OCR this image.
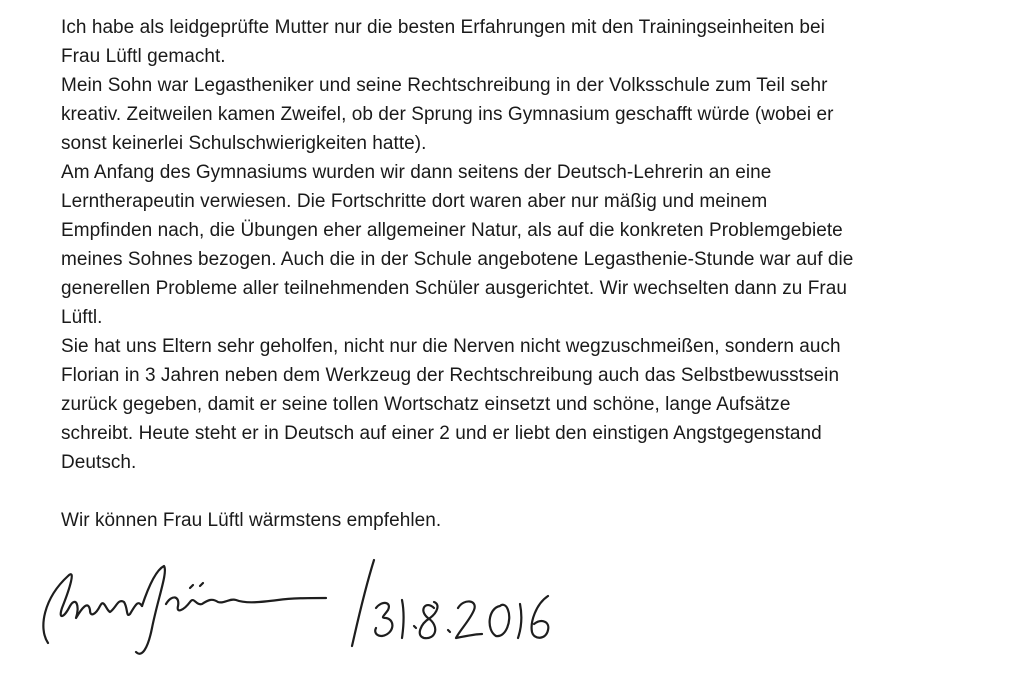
Ich habe als leidgeprüfte Mutter nur die besten Erfahrungen mit den Trainingseinheiten bei
Frau Lüftl gemacht.

Mein Sohn war Legastheniker und seine Rechtschreibung in der Volksschule zum Teil sehr
kreativ. Zeitweilen kamen Zweifel, ob der Sprung ins Gymnasium geschafft würde (wobei er
sonst keinerlei Schulschwierigkeiten hatte).

Am Anfang des Gymnasiums wurden wir dann seitens der Deutsch-Lehrerin an eine
Lerntherapeutin verwiesen. Die Fortschritte dort waren aber nur mäßig und meinem
Empfinden nach, die Übungen eher allgemeiner Natur, als auf die konkreten Problemgebiete
meines Sohnes bezogen. Auch die in der Schule angebotene Legasthenie-Stunde war auf die
generellen Probleme aller teilnehmenden Schüler ausgerichtet. Wir wechselten dann zu Frau
Lüftl.

Sie hat uns Eltern sehr geholfen, nicht nur die Nerven nicht wegzuschmeißen, sondern auch
Florian in 3 Jahren neben dem Werkzeug der Rechtschreibung auch das Selbstbewusstsein
zurück gegeben, damit er seine tollen Wortschatz einsetzt und schöne, lange Aufsätze
schreibt. Heute steht er in Deutsch auf einer 2 und er liebt den einstigen Angstgegenstand
Deutsch.

Wir können Frau Lüftl wärmstens empfehlen.
